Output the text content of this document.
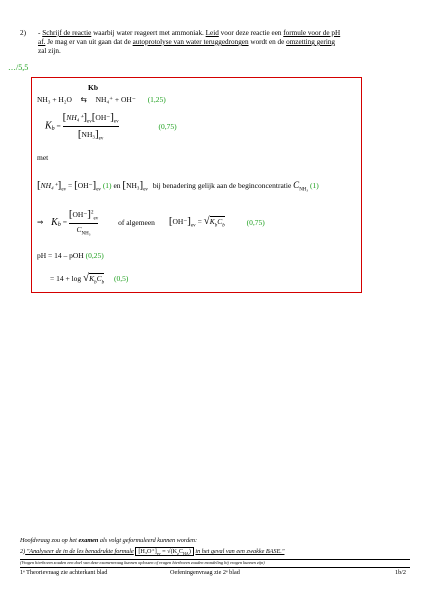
2) - Schrijf de reactie waarbij water reageert met ammoniak. Leid voor deze reactie een formule voor de pH
af. Je mag er van uit gaan dat de autoprotolyse van water teruggedrongen wordt en de omzetting gering
zal zijn.
…/5,5
Kb
NH₃ + H₂O ⇆ NH₄⁺ + OH⁻ (1,25)
$K_b = \frac{[NH_4^+]_{ev}[OH^-]_{ev}}{[NH_3]_{ev}}$	(0,75)
met
$[NH_4^+]_{ev} = [OH^-]_{ev}$ (1) en $[NH_3]_{ev}$ bij benadering gelijk aan de beginconcentratie $C_{NH_3}$ (1)
⇒ $K_b = \frac{[OH^-]^2_{ev}}{C_{NH_3}}$	of algemeen $[OH^-]_{ev} = √K_bC_b$	(0,75)
pH = 14 – pOH (0,25)
= $14 + \log √K_bC_b$ (0,5)
Hoofdvraag zou op het examen als volgt geformuleerd kunnen worden:
2) "Analyseer de in de les benadrukte formule $[H_3O^+]_{ev} = √(K_zC_{HA})$ in het geval van een zwakke BASE."
(Vragen hierboven zouden een doel van deze examenvraag kunnen oplossen of vragen hierboven zouden mondeling bij vragen kunnen zijn)
1ᵉ Theorievraag zie achterkant blad	Oefeningenvraag zie 2ᵉ blad	1b/2
